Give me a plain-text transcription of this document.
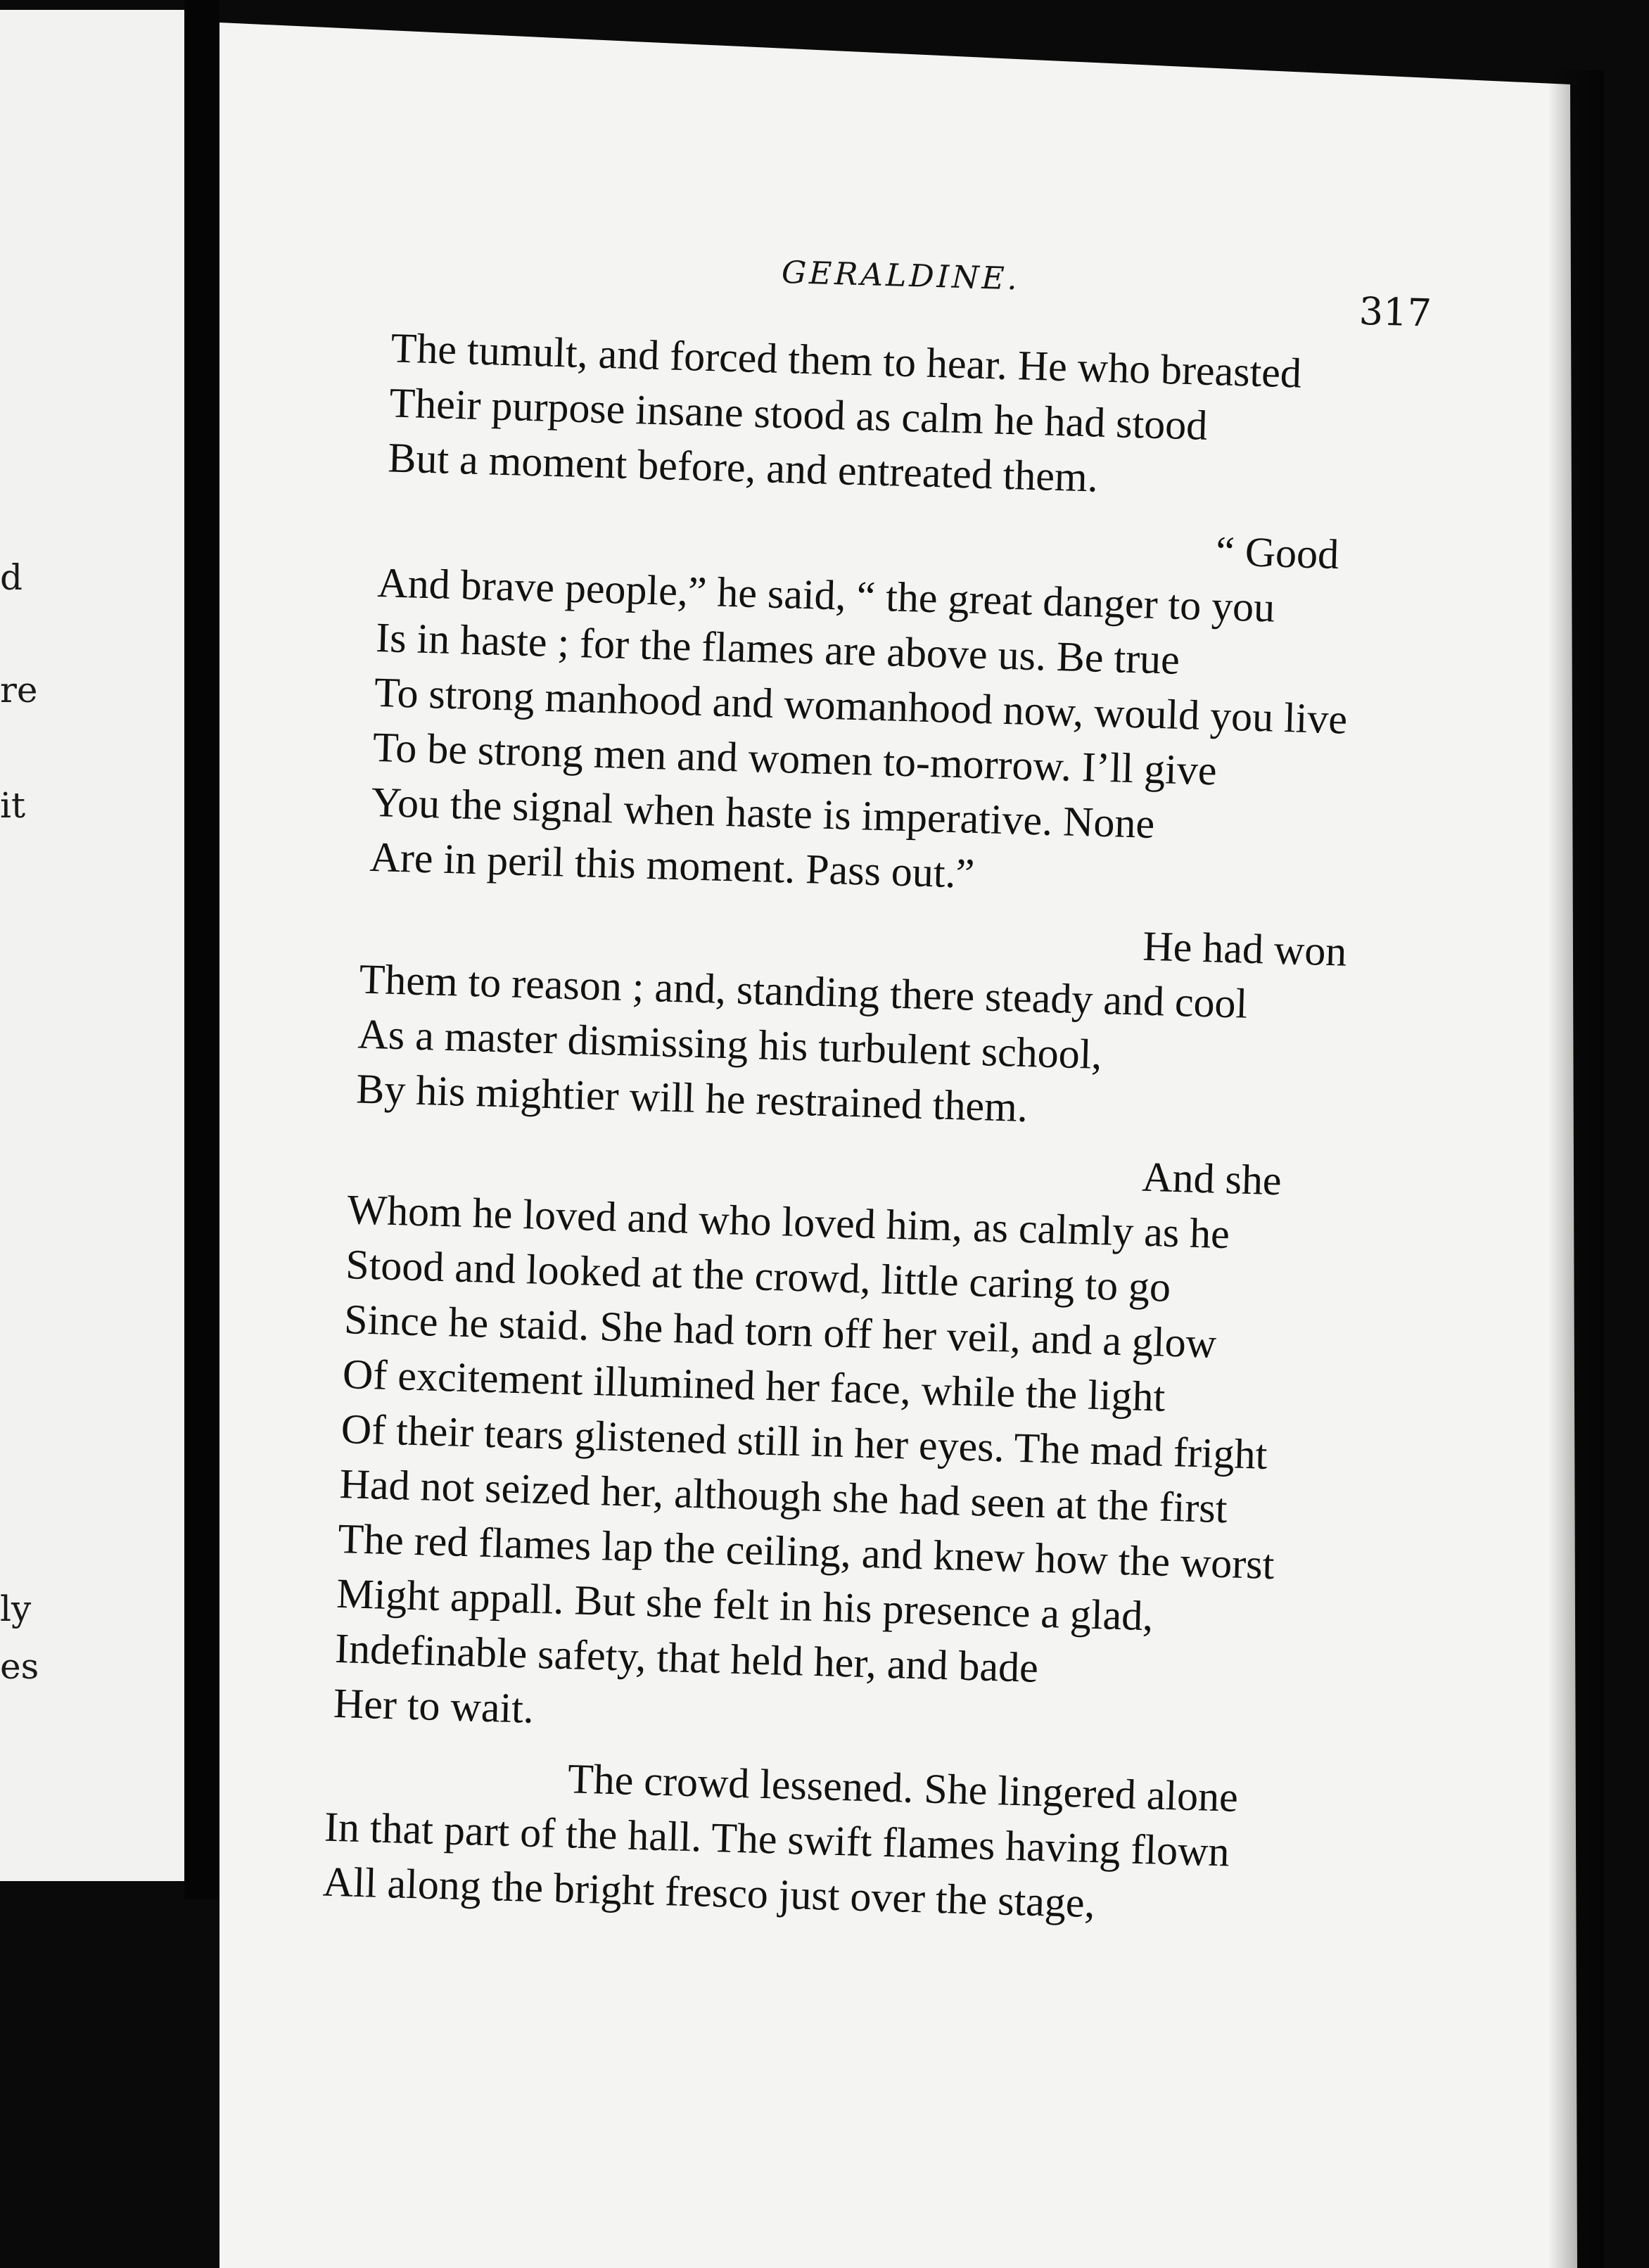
d
re
it
ly
es
GERALDINE.
317
The tumult, and forced them to hear. He who breasted
Their purpose insane stood as calm he had stood
But a moment before, and entreated them.
“ Good
And brave people,” he said, “ the great danger to you
Is in haste ; for the flames are above us. Be true
To strong manhood and womanhood now, would you live
To be strong men and women to-morrow. I’ll give
You the signal when haste is imperative. None
Are in peril this moment. Pass out.”
He had won
Them to reason ; and, standing there steady and cool
As a master dismissing his turbulent school,
By his mightier will he restrained them.
And she
Whom he loved and who loved him, as calmly as he
Stood and looked at the crowd, little caring to go
Since he staid. She had torn off her veil, and a glow
Of excitement illumined her face, while the light
Of their tears glistened still in her eyes. The mad fright
Had not seized her, although she had seen at the first
The red flames lap the ceiling, and knew how the worst
Might appall. But she felt in his presence a glad,
Indefinable safety, that held her, and bade
Her to wait.
The crowd lessened. She lingered alone
In that part of the hall. The swift flames having flown
All along the bright fresco just over the stage,
